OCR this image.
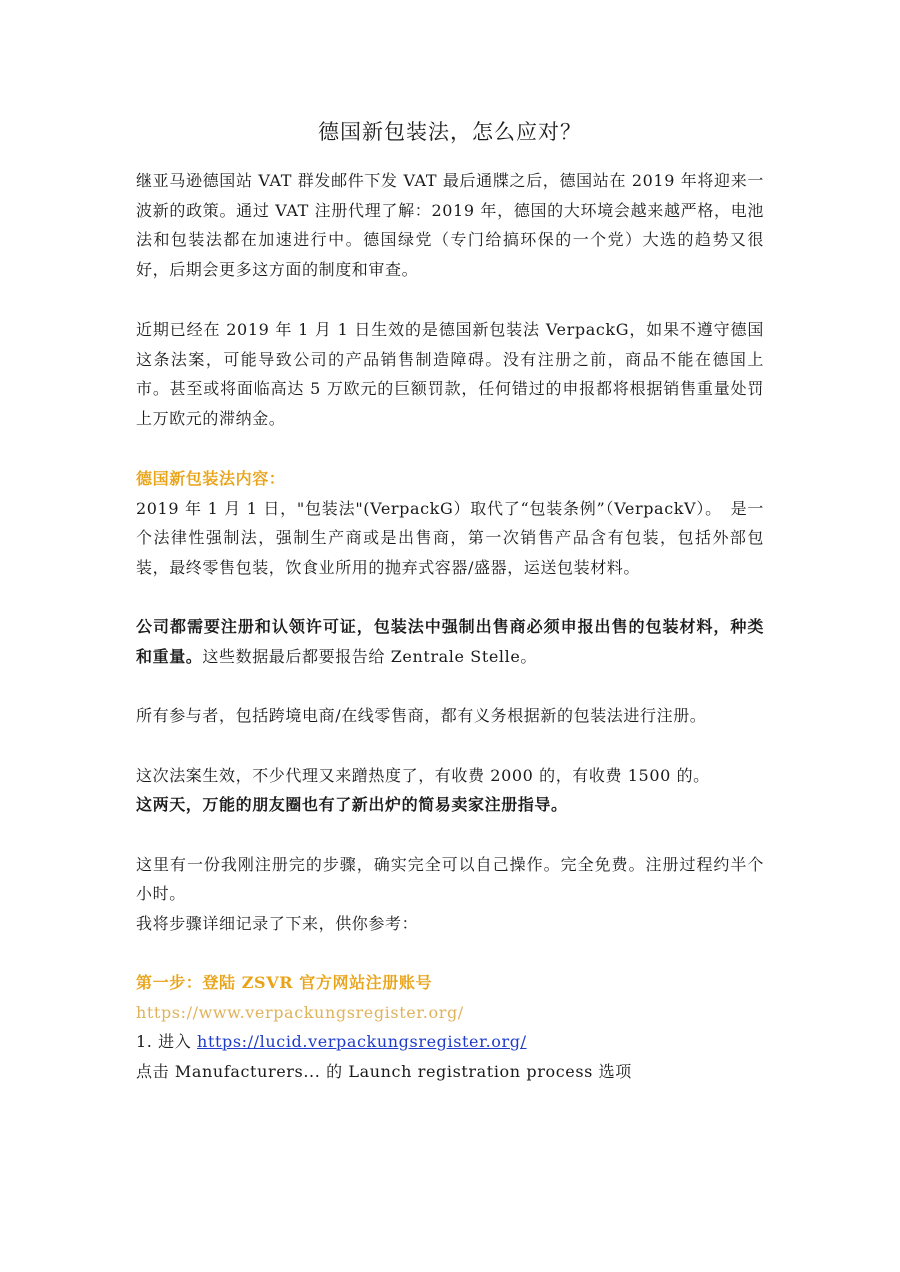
德国新包装法，怎么应对？

继亚马逊德国站 VAT 群发邮件下发 VAT 最后通牒之后，德国站在 2019 年将迎来一波新的政策。通过 VAT 注册代理了解：2019 年，德国的大环境会越来越严格，电池法和包装法都在加速进行中。德国绿党（专门给搞环保的一个党）大选的趋势又很好，后期会更多这方面的制度和审查。

近期已经在 2019 年 1 月 1 日生效的是德国新包装法 VerpackG，如果不遵守德国这条法案，可能导致公司的产品销售制造障碍。没有注册之前，商品不能在德国上市。甚至或将面临高达 5 万欧元的巨额罚款，任何错过的申报都将根据销售重量处罚上万欧元的滞纳金。

德国新包装法内容：

2019 年 1 月 1 日，"包装法"(VerpackG）取代了“包装条例”（VerpackV）。　是一个法律性强制法，强制生产商或是出售商，第一次销售产品含有包装，包括外部包装，最终零售包装，饮食业所用的抛弃式容器/盛器，运送包装材料。

公司都需要注册和认领许可证，包装法中强制出售商必须申报出售的包装材料，种类和重量。这些数据最后都要报告给 Zentrale Stelle。

所有参与者，包括跨境电商/在线零售商，都有义务根据新的包装法进行注册。

这次法案生效，不少代理又来蹭热度了，有收费 2000 的，有收费 1500 的。

这两天，万能的朋友圈也有了新出炉的简易卖家注册指导。

这里有一份我刚注册完的步骤，确实完全可以自己操作。完全免费。注册过程约半个小时。

我将步骤详细记录了下来，供你参考：

第一步：登陆 ZSVR 官方网站注册账号

https://www.verpackungsregister.org/

1. 进入 https://lucid.verpackungsregister.org/

点击 Manufacturers... 的 Launch registration process 选项
